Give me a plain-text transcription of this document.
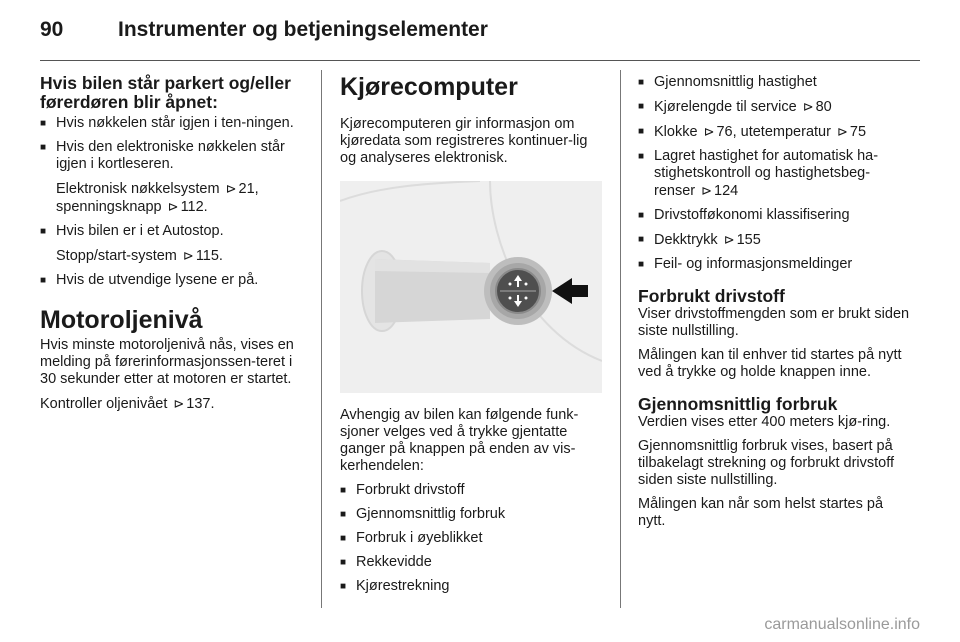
90	Instrumenter og betjeningselementer
Hvis bilen står parkert og/eller førerdøren blir åpnet:
■ Hvis nøkkelen står igjen i ten-ningen.
■ Hvis den elektroniske nøkkelen står igjen i kortleseren.

Elektronisk nøkkelsystem ⊳ 21, spenningsknapp ⊳ 112.

■ Hvis bilen er i et Autostop.

Stopp/start-system ⊳ 115.

■ Hvis de utvendige lysene er på.
Motoroljenivå

Hvis minste motoroljenivå nås, vises en melding på førerinformasjonssen-teret i 30 sekunder etter at motoren er startet.

Kontroller oljenivået ⊳ 137.

Kjørecomputer

Kjørecomputeren gir informasjon om kjøredata som registreres kontinuer-lig og analyseres elektronisk.

Avhengig av bilen kan følgende funk-sjoner velges ved å trykke gjentatte ganger på knappen på enden av vis-kerhendelen:

■ Forbrukt drivstoff
■ Gjennomsnittlig forbruk
■ Forbruk i øyeblikket
■ Rekkevidde
■ Kjørestrekning
■ Gjennomsnittlig hastighet
■ Kjørelengde til service ⊳ 80
■ Klokke ⊳ 76, utetemperatur ⊳ 75
■ Lagret hastighet for automatisk ha-stighetskontroll og hastighetsbeg-renser ⊳ 124
■ Drivstofføkonomi klassifisering
■ Dekktrykk ⊳ 155
■ Feil- og informasjonsmeldinger
Forbrukt drivstoff

Viser drivstoffmengden som er brukt siden siste nullstilling.

Målingen kan til enhver tid startes på nytt ved å trykke og holde knappen inne.

Gjennomsnittlig forbruk

Verdien vises etter 400 meters kjø-ring.

Gjennomsnittlig forbruk vises, basert på tilbakelagt strekning og forbrukt drivstoff siden siste nullstilling.

Målingen kan når som helst startes på nytt.

carmanualsonline.info
